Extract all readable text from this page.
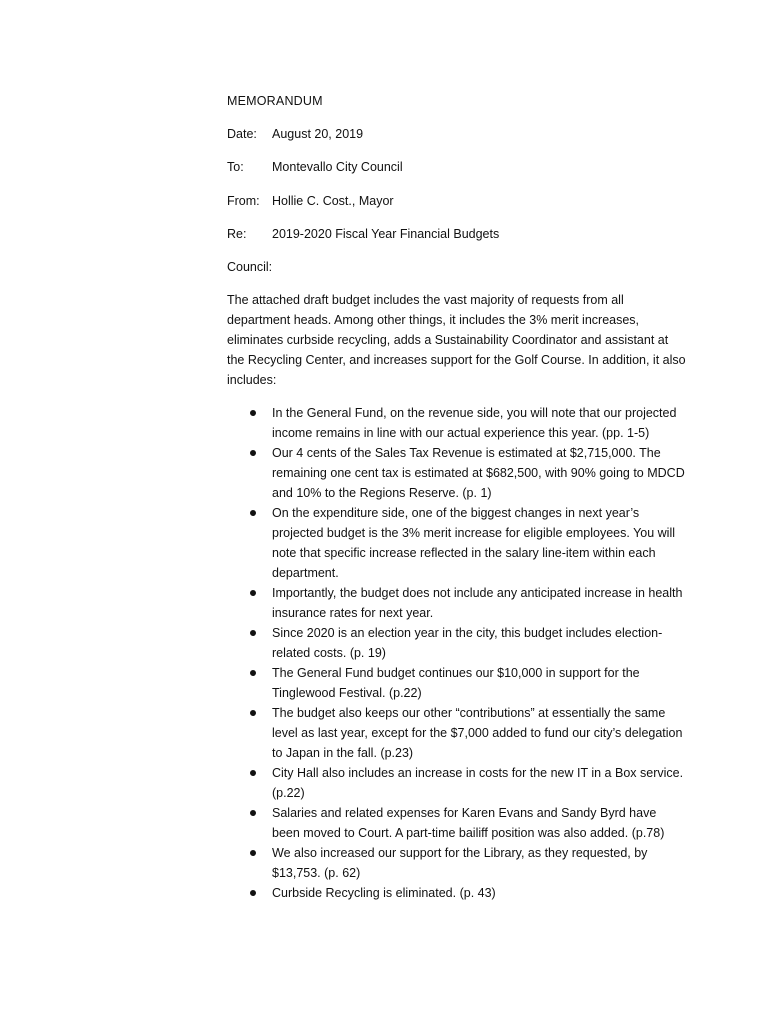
MEMORANDUM
Date: August 20, 2019
To: Montevallo City Council
From: Hollie C. Cost., Mayor
Re: 2019-2020 Fiscal Year Financial Budgets
Council:

The attached draft budget includes the vast majority of requests from all department heads. Among other things, it includes the 3% merit increases, eliminates curbside recycling, adds a Sustainability Coordinator and assistant at the Recycling Center, and increases support for the Golf Course. In addition, it also includes:

In the General Fund, on the revenue side, you will note that our projected income remains in line with our actual experience this year. (pp. 1-5)
Our 4 cents of the Sales Tax Revenue is estimated at $2,715,000. The remaining one cent tax is estimated at $682,500, with 90% going to MDCD and 10% to the Regions Reserve. (p. 1)
On the expenditure side, one of the biggest changes in next year’s projected budget is the 3% merit increase for eligible employees. You will note that specific increase reflected in the salary line-item within each department.
Importantly, the budget does not include any anticipated increase in health insurance rates for next year.
Since 2020 is an election year in the city, this budget includes election-related costs. (p. 19)
The General Fund budget continues our $10,000 in support for the Tinglewood Festival. (p.22)
The budget also keeps our other “contributions” at essentially the same level as last year, except for the $7,000 added to fund our city’s delegation to Japan in the fall. (p.23)
City Hall also includes an increase in costs for the new IT in a Box service.(p.22)
Salaries and related expenses for Karen Evans and Sandy Byrd have been moved to Court. A part-time bailiff position was also added. (p.78)
We also increased our support for the Library, as they requested, by $13,753. (p. 62)
Curbside Recycling is eliminated. (p. 43)
